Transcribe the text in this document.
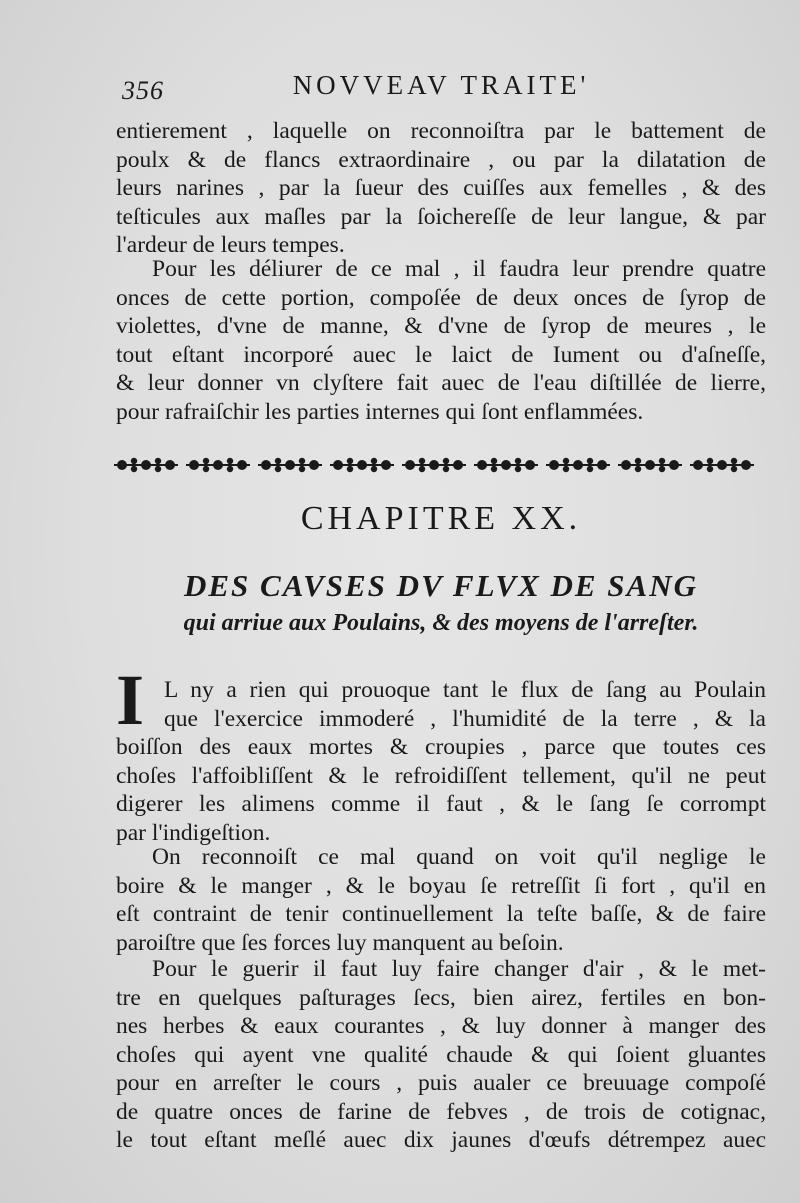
356	NOVVEAV TRAITE'
entierement , laquelle on reconnoiſtra par le battement de
poulx & de flancs extraordinaire , ou par la dilatation de
leurs narines , par la ſueur des cuiſſes aux femelles , & des
teſticules aux maſles par la ſoichereſſe de leur langue, & par
l'ardeur de leurs tempes.
Pour les déliurer de ce mal , il faudra leur prendre quatre
onces de cette portion, compoſée de deux onces de ſyrop de
violettes, d'vne de manne, & d'vne de ſyrop de meures , le
tout eſtant incorporé auec le laict de Iument ou d'aſneſſe,
& leur donner vn clyſtere fait auec de l'eau diſtillée de lierre,
pour rafraiſchir les parties internes qui ſont enflammées.
CHAPITRE XX.
DES CAVSES DV FLVX DE SANG
qui arriue aux Poulains, & des moyens de l'arreſter.
I L ny a rien qui prouoque tant le flux de ſang au Poulain
que l'exercice immoderé , l'humidité de la terre , & la
boiſſon des eaux mortes & croupies , parce que toutes ces
choſes l'affoibliſſent & le refroidiſſent tellement, qu'il ne peut
digerer les alimens comme il faut , & le ſang ſe corrompt
par l'indigeſtion.
On reconnoiſt ce mal quand on voit qu'il neglige le
boire & le manger , & le boyau ſe retreſſit ſi fort , qu'il en
eſt contraint de tenir continuellement la teſte baſſe, & de faire
paroiſtre que ſes forces luy manquent au beſoin.
Pour le guerir il faut luy faire changer d'air , & le met-
tre en quelques paſturages ſecs, bien airez, fertiles en bon-
nes herbes & eaux courantes , & luy donner à manger des
choſes qui ayent vne qualité chaude & qui ſoient gluantes
pour en arreſter le cours , puis aualer ce breuuage compoſé
de quatre onces de farine de febves , de trois de cotignac,
le tout eſtant meſlé auec dix jaunes d'œufs détrempez auec
